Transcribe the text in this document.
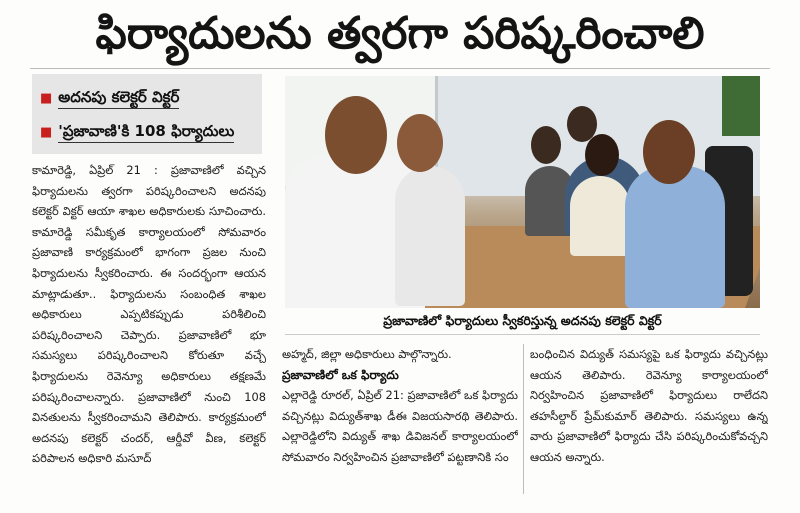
ఫిర్యాదులను త్వరగా పరిష్కరించాలి
■ అదనపు కలెక్టర్ విక్టర్
■ 'ప్రజావాణి'కి 108 ఫిర్యాదులు
కామారెడ్డి, ఏప్రిల్ 21 : ప్రజావాణిలో వచ్చిన ఫిర్యాదులను త్వరగా పరిష్కరించాలని అదనపు కలెక్టర్ విక్టర్ ఆయా శాఖల అధికారులకు సూచించారు. కామారెడ్డి సమీకృత కార్యాలయంలో సోమవారం ప్రజావాణి కార్యక్రమంలో భాగంగా ప్రజల నుంచి ఫిర్యాదులను స్వీకరించారు. ఈ సందర్భంగా ఆయన మాట్లాడుతూ.. ఫిర్యాదులను సంబంధిత శాఖల అధికారులు ఎప్పటికప్పుడు పరిశీలించి పరిష్కరించాలని చెప్పారు. ప్రజావాణిలో భూ సమస్యలు పరిష్కరించాలని కోరుతూ వచ్చే ఫిర్యాదులను రెవెన్యూ అధికారులు తక్షణమే పరిష్కరించాలన్నారు. ప్రజావాణిలో నుంచి 108 వినతులను స్వీకరించామని తెలిపారు. కార్యక్రమంలో అదనపు కలెక్టర్ చందర్, ఆర్డీవో వీణ, కలెక్టర్ పరిపాలన అధికారి మసూద్
ప్రజావాణిలో ఫిర్యాదులు స్వీకరిస్తున్న అదనపు కలెక్టర్ విక్టర్
అహ్మద్, జిల్లా అధికారులు పాల్గొన్నారు.
ప్రజావాణిలో ఒక ఫిర్యాదు
ఎల్లారెడ్డి రూరల్, ఏప్రిల్ 21: ప్రజావాణిలో ఒక ఫిర్యాదు వచ్చినట్లు విద్యుత్‌శాఖ డీఈ విజయసారథి తెలిపారు. ఎల్లారెడ్డిలోని విద్యుత్ శాఖ డివిజనల్ కార్యాలయంలో సోమవారం నిర్వహించిన ప్రజావాణిలో పట్టణానికి సం
బంధించిన విద్యుత్ సమస్యపై ఒక ఫిర్యాదు వచ్చినట్లు ఆయన తెలిపారు. రెవెన్యూ కార్యాలయంలో నిర్వహించిన ప్రజావాణిలో ఫిర్యాదులు రాలేదని తహసీల్దార్ ప్రేమ్‌కుమార్ తెలిపారు. సమస్యలు ఉన్న వారు ప్రజావాణిలో ఫిర్యాదు చేసి పరిష్కరించుకోవచ్చని ఆయన అన్నారు.
